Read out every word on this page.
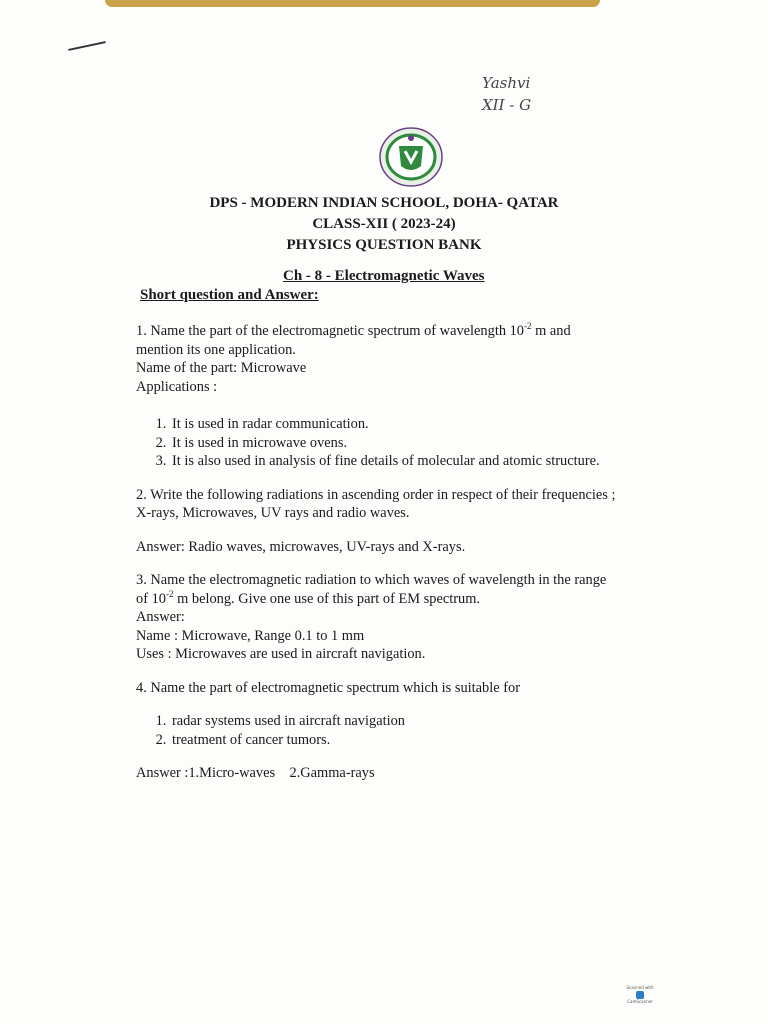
Yashvi
XII - G
DPS - MODERN INDIAN SCHOOL, DOHA- QATAR
CLASS-XII ( 2023-24)
PHYSICS QUESTION BANK
Ch - 8 - Electromagnetic Waves
Short question and Answer:

1. Name the part of the electromagnetic spectrum of wavelength $10^{-2}$ m and

mention its one application.

Name of the part: Microwave

Applications :

1. It is used in radar communication.
2. It is used in microwave ovens.
3. It is also used in analysis of fine details of molecular and atomic structure.

2. Write the following radiations in ascending order in respect of their frequencies ;

X-rays, Microwaves, UV rays and radio waves.

Answer: Radio waves, microwaves, UV-rays and X-rays.

3. Name the electromagnetic radiation to which waves of wavelength in the range

of $10^{-2}$ m belong. Give one use of this part of EM spectrum.

Answer:

Name : Microwave, Range 0.1 to 1 mm

Uses : Microwaves are used in aircraft navigation.

4. Name the part of electromagnetic spectrum which is suitable for

1. radar systems used in aircraft navigation
2. treatment of cancer tumors.

Answer :1.Micro-waves 2.Gamma-rays

Scanned with
CamScanner
